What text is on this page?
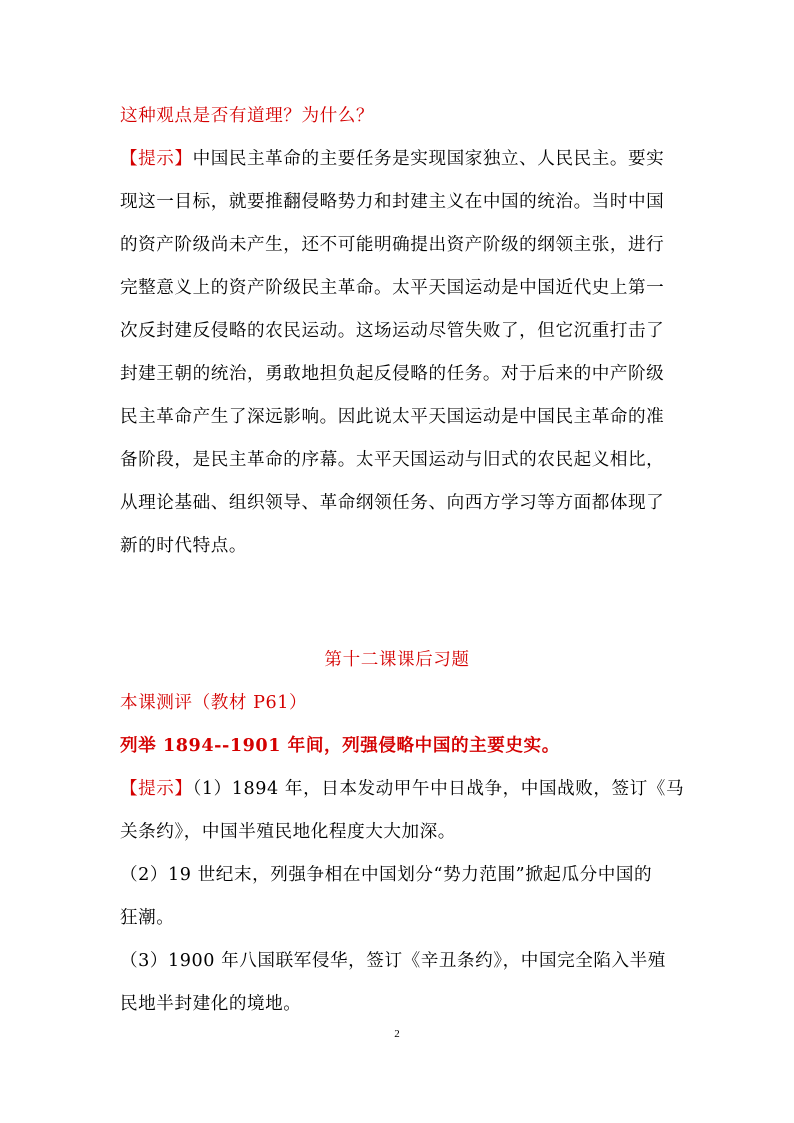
这种观点是否有道理？为什么？
【提示】中国民主革命的主要任务是实现国家独立、人民民主。要实
现这一目标，就要推翻侵略势力和封建主义在中国的统治。当时中国
的资产阶级尚未产生，还不可能明确提出资产阶级的纲领主张，进行
完整意义上的资产阶级民主革命。太平天国运动是中国近代史上第一
次反封建反侵略的农民运动。这场运动尽管失败了，但它沉重打击了
封建王朝的统治，勇敢地担负起反侵略的任务。对于后来的中产阶级
民主革命产生了深远影响。因此说太平天国运动是中国民主革命的准
备阶段，是民主革命的序幕。太平天国运动与旧式的农民起义相比，
从理论基础、组织领导、革命纲领任务、向西方学习等方面都体现了
新的时代特点。
第十二课课后习题
本课测评（教材 P61）
列举 1894--1901 年间，列强侵略中国的主要史实。
【提示】（1）1894 年，日本发动甲午中日战争，中国战败，签订《马
关条约》，中国半殖民地化程度大大加深。
（2）19 世纪末，列强争相在中国划分“势力范围”掀起瓜分中国的
狂潮。
（3）1900 年八国联军侵华，签订《辛丑条约》，中国完全陷入半殖
民地半封建化的境地。
2
